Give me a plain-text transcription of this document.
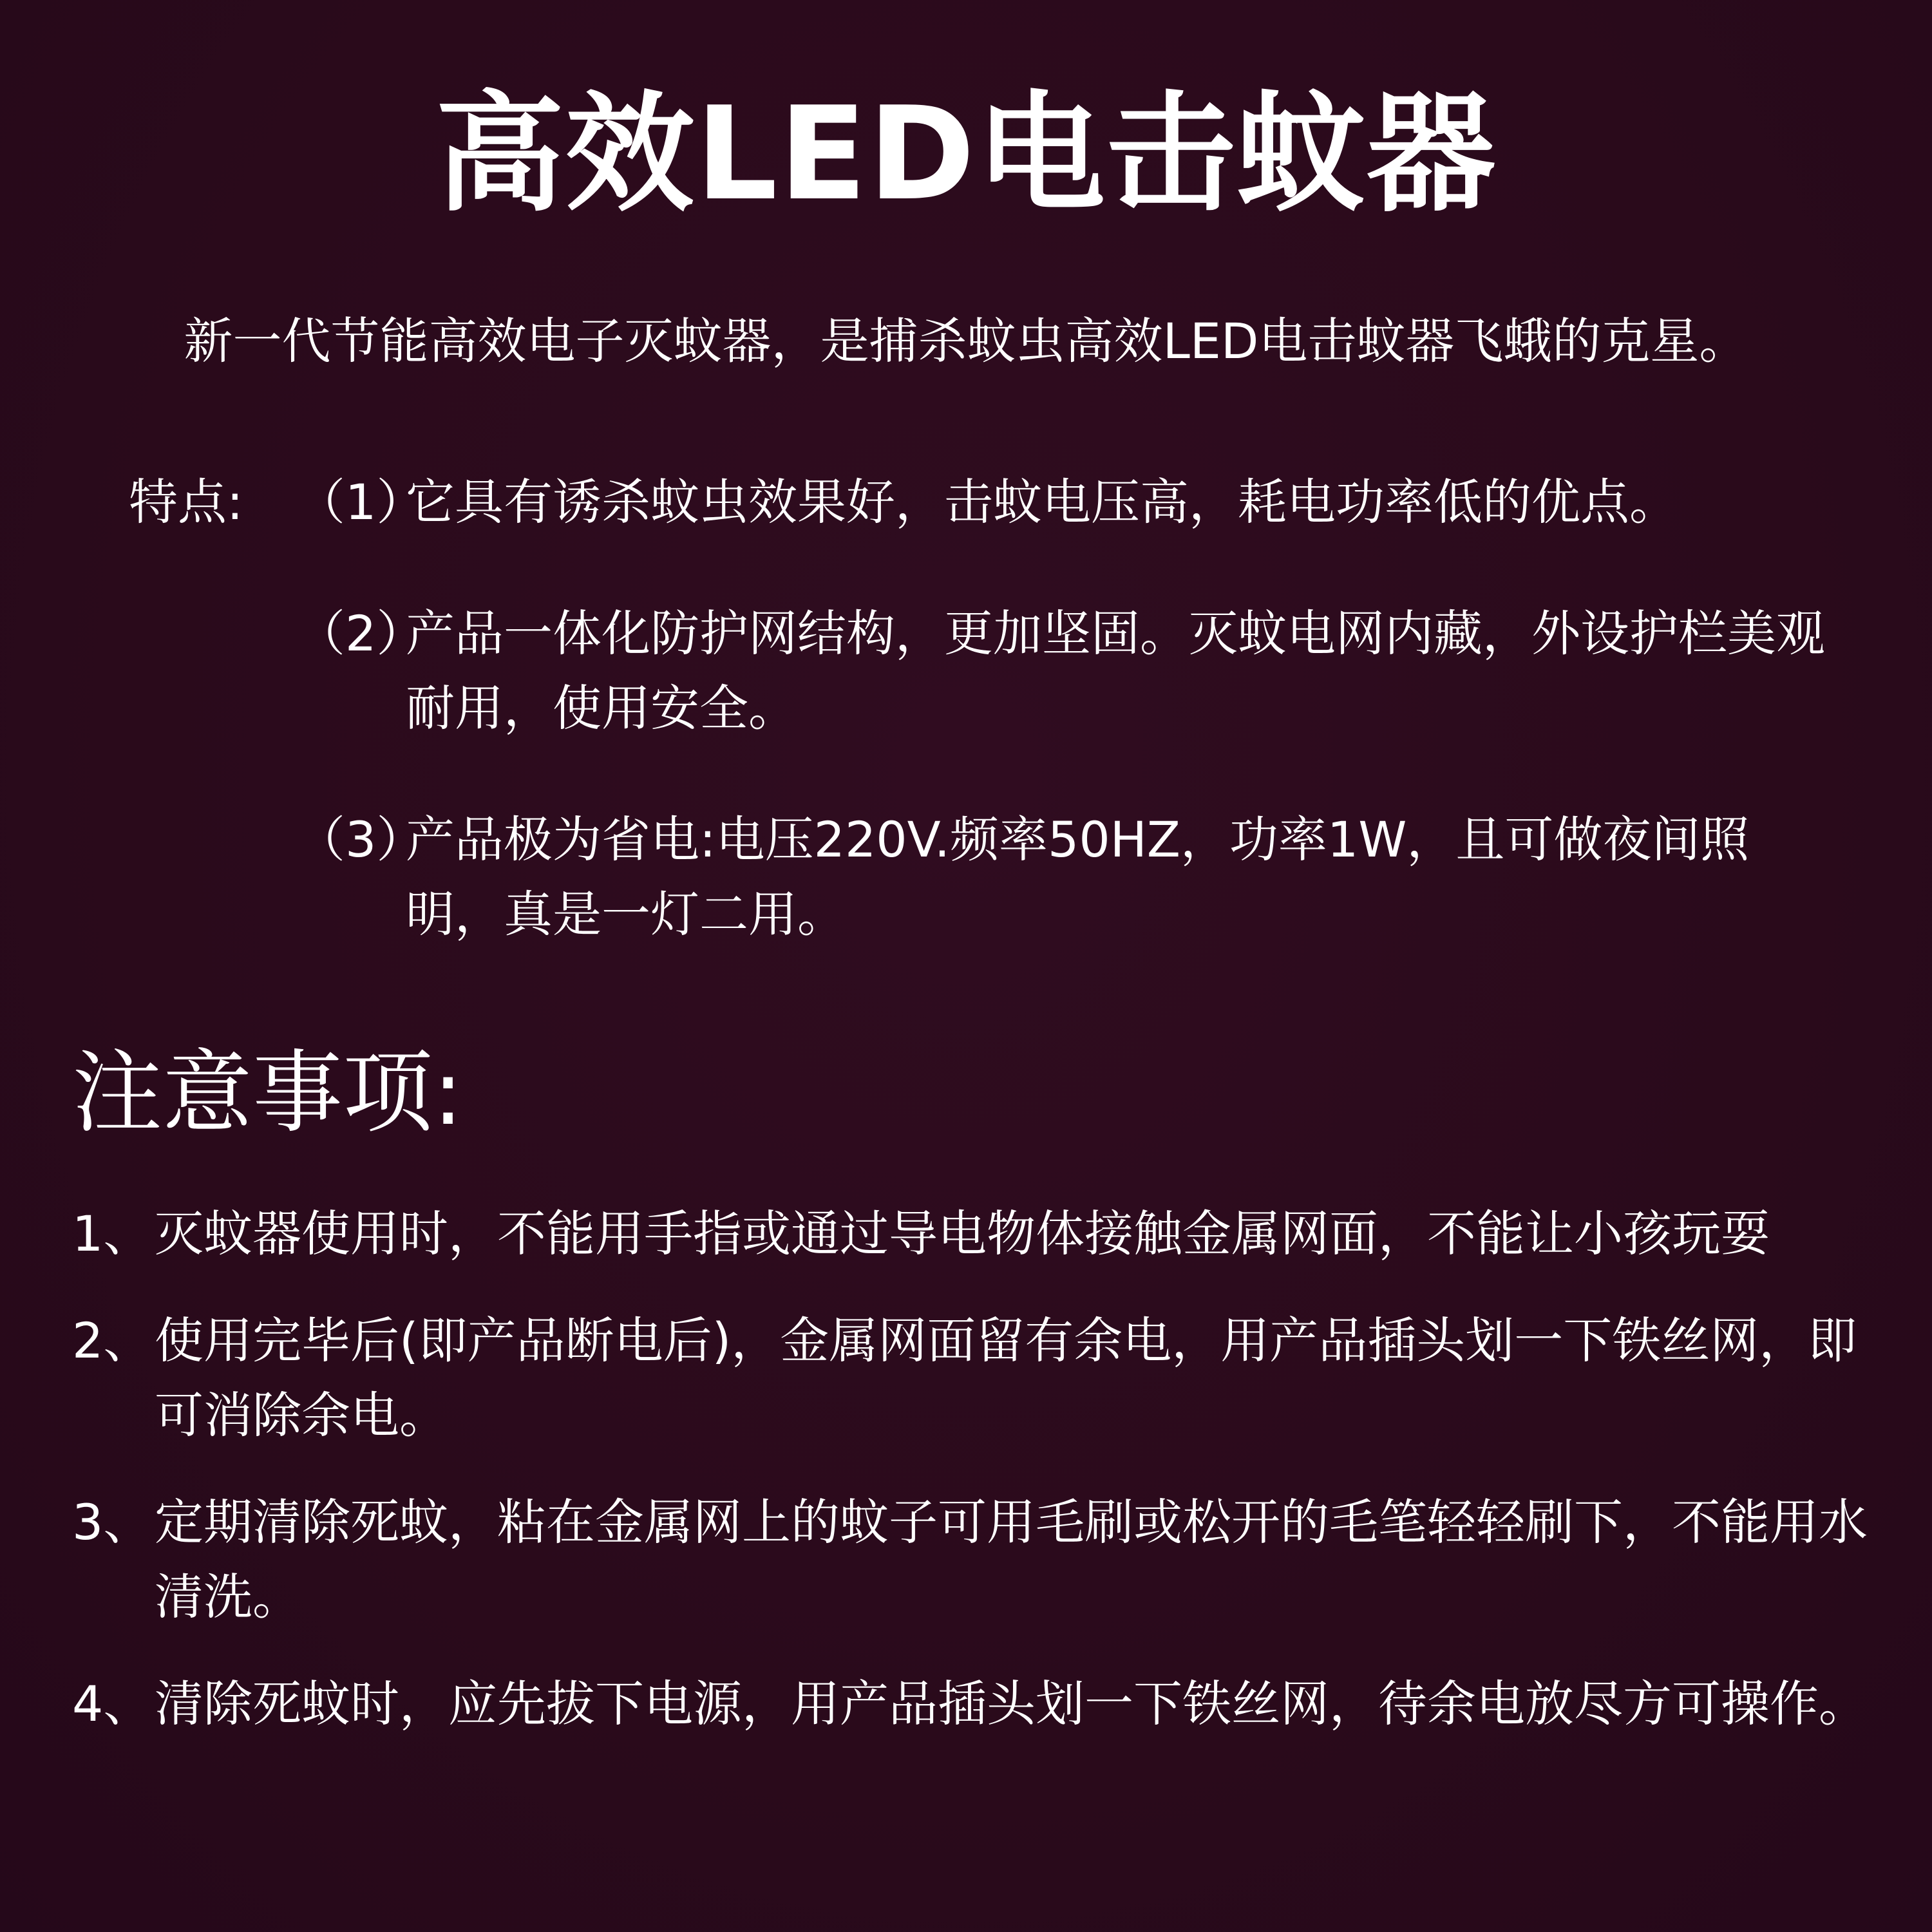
高效LED电击蚊器
新一代节能高效电子灭蚊器，是捕杀蚊虫高效LED电击蚊器飞蛾的克星。
特点:	（1）
它具有诱杀蚊虫效果好，击蚊电压高，耗电功率低的优点。
（2）
产品一体化防护网结构，更加坚固。灭蚊电网内藏，外设护栏美观耐用，使用安全。
（3）
产品极为省电:电压220V.频率50HZ，功率1W，且可做夜间照明，真是一灯二用。
注意事项:
1、 灭蚊器使用时，不能用手指或通过导电物体接触金属网面，不能让小孩玩耍
2、 使用完毕后(即产品断电后)，金属网面留有余电，用产品插头划一下铁丝网，即可消除余电。
3、 定期清除死蚊，粘在金属网上的蚊子可用毛刷或松开的毛笔轻轻刷下，不能用水清洗。
4、 清除死蚊时，应先拔下电源，用产品插头划一下铁丝网，待余电放尽方可操作。
